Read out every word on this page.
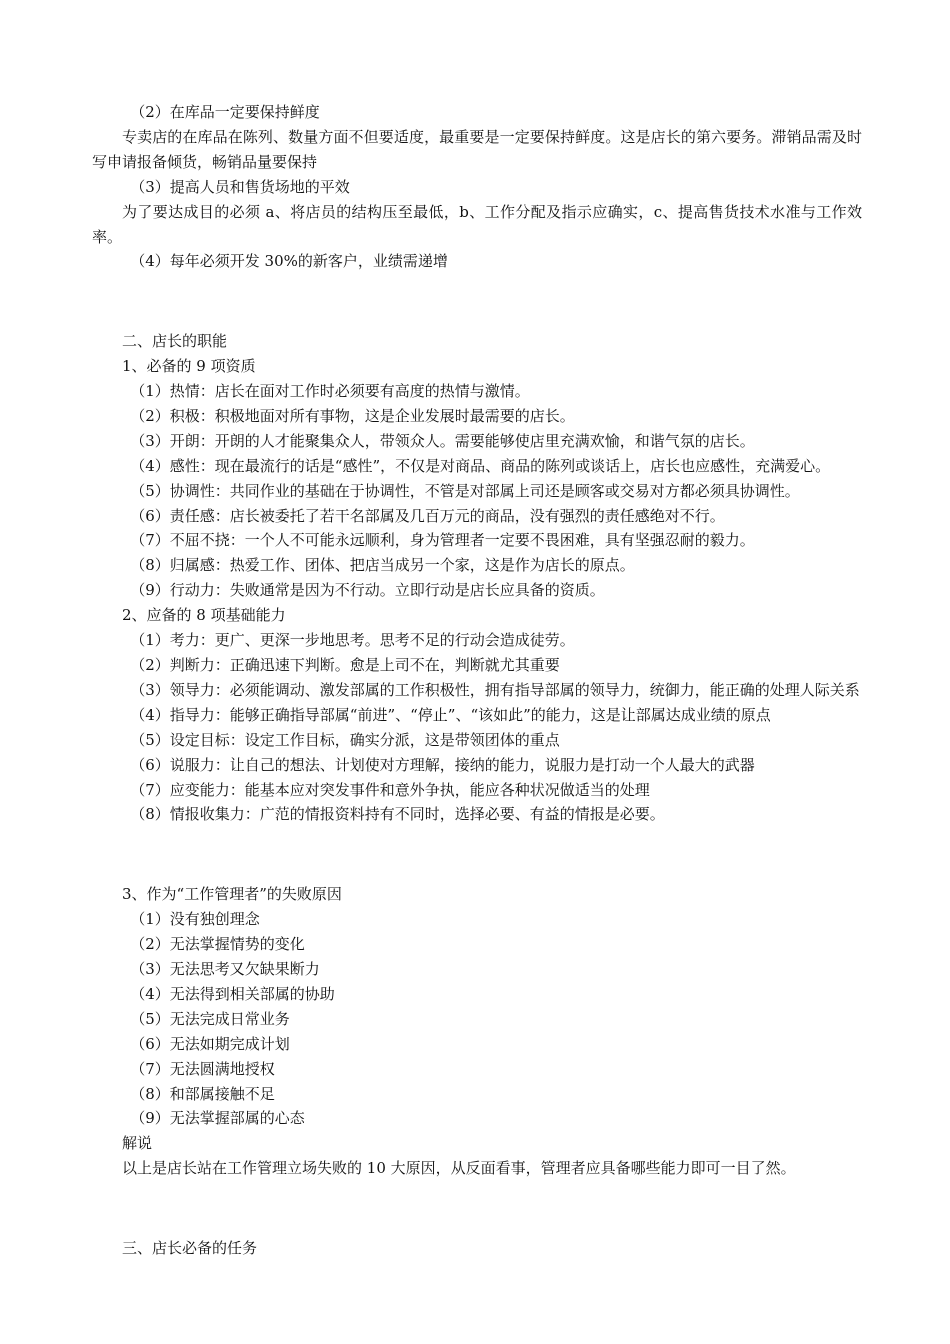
（2）在库品一定要保持鲜度

专卖店的在库品在陈列、数量方面不但要适度，最重要是一定要保持鲜度。这是店长的第六要务。滞销品需及时写申请报备倾货，畅销品量要保持

（3）提高人员和售货场地的平效

为了要达成目的必须 a、将店员的结构压至最低，b、工作分配及指示应确实，c、提高售货技术水准与工作效率。

（4）每年必须开发 30%的新客户，业绩需递增

二、店长的职能

1、必备的 9 项资质

（1）热情：店长在面对工作时必须要有高度的热情与激情。

（2）积极：积极地面对所有事物，这是企业发展时最需要的店长。

（3）开朗：开朗的人才能聚集众人，带领众人。需要能够使店里充满欢愉，和谐气氛的店长。

（4）感性：现在最流行的话是“感性”，不仅是对商品、商品的陈列或谈话上，店长也应感性，充满爱心。

（5）协调性：共同作业的基础在于协调性，不管是对部属上司还是顾客或交易对方都必须具协调性。

（6）责任感：店长被委托了若干名部属及几百万元的商品，没有强烈的责任感绝对不行。

（7）不屈不挠：一个人不可能永远顺利，身为管理者一定要不畏困难，具有坚强忍耐的毅力。

（8）归属感：热爱工作、团体、把店当成另一个家，这是作为店长的原点。

（9）行动力：失败通常是因为不行动。立即行动是店长应具备的资质。

2、应备的 8 项基础能力

（1）考力：更广、更深一步地思考。思考不足的行动会造成徒劳。

（2）判断力：正确迅速下判断。愈是上司不在，判断就尤其重要

（3）领导力：必须能调动、激发部属的工作积极性，拥有指导部属的领导力，统御力，能正确的处理人际关系

（4）指导力：能够正确指导部属“前进”、“停止”、“该如此”的能力，这是让部属达成业绩的原点

（5）设定目标：设定工作目标，确实分派，这是带领团体的重点

（6）说服力：让自己的想法、计划使对方理解，接纳的能力，说服力是打动一个人最大的武器

（7）应变能力：能基本应对突发事件和意外争执，能应各种状况做适当的处理

（8）情报收集力：广范的情报资料持有不同时，选择必要、有益的情报是必要。

3、作为“工作管理者”的失败原因

（1）没有独创理念

（2）无法掌握情势的变化

（3）无法思考又欠缺果断力

（4）无法得到相关部属的协助

（5）无法完成日常业务

（6）无法如期完成计划

（7）无法圆满地授权

（8）和部属接触不足

（9）无法掌握部属的心态

解说

以上是店长站在工作管理立场失败的 10 大原因，从反面看事，管理者应具备哪些能力即可一目了然。

三、店长必备的任务
